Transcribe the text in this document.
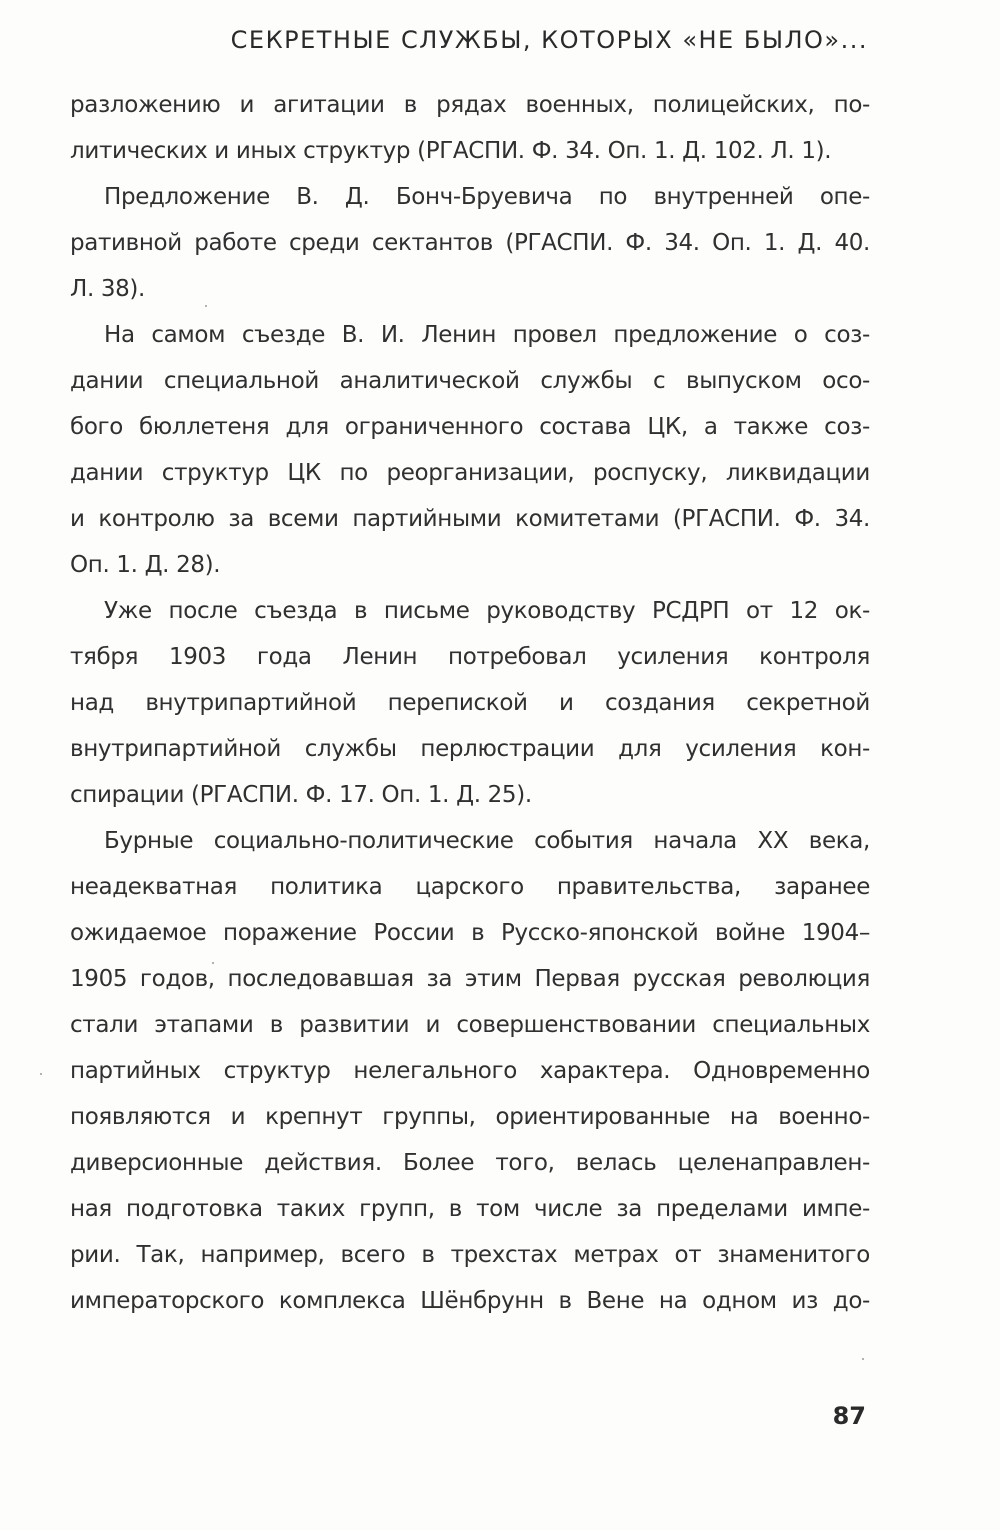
СЕКРЕТНЫЕ СЛУЖБЫ, КОТОРЫХ «НЕ БЫЛО»...
разложению и агитации в рядах военных, полицейских, по-
литических и иных структур (РГАСПИ. Ф. 34. Оп. 1. Д. 102. Л. 1).
Предложение В. Д. Бонч-Бруевича по внутренней опе-
ративной работе среди сектантов (РГАСПИ. Ф. 34. Оп. 1. Д. 40.
Л. 38).
На самом съезде В. И. Ленин провел предложение о соз-
дании специальной аналитической службы с выпуском осо-
бого бюллетеня для ограниченного состава ЦК, а также соз-
дании структур ЦК по реорганизации, роспуску, ликвидации
и контролю за всеми партийными комитетами (РГАСПИ. Ф. 34.
Оп. 1. Д. 28).
Уже после съезда в письме руководству РСДРП от 12 ок-
тября 1903 года Ленин потребовал усиления контроля
над внутрипартийной перепиской и создания секретной
внутрипартийной службы перлюстрации для усиления кон-
спирации (РГАСПИ. Ф. 17. Оп. 1. Д. 25).
Бурные социально-политические события начала XX века,
неадекватная политика царского правительства, заранее
ожидаемое поражение России в Русско-японской войне 1904–
1905 годов, последовавшая за этим Первая русская революция
стали этапами в развитии и совершенствовании специальных
партийных структур нелегального характера. Одновременно
появляются и крепнут группы, ориентированные на военно-
диверсионные действия. Более того, велась целенаправлен-
ная подготовка таких групп, в том числе за пределами импе-
рии. Так, например, всего в трехстах метрах от знаменитого
императорского комплекса Шёнбрунн в Вене на одном из до-
87
